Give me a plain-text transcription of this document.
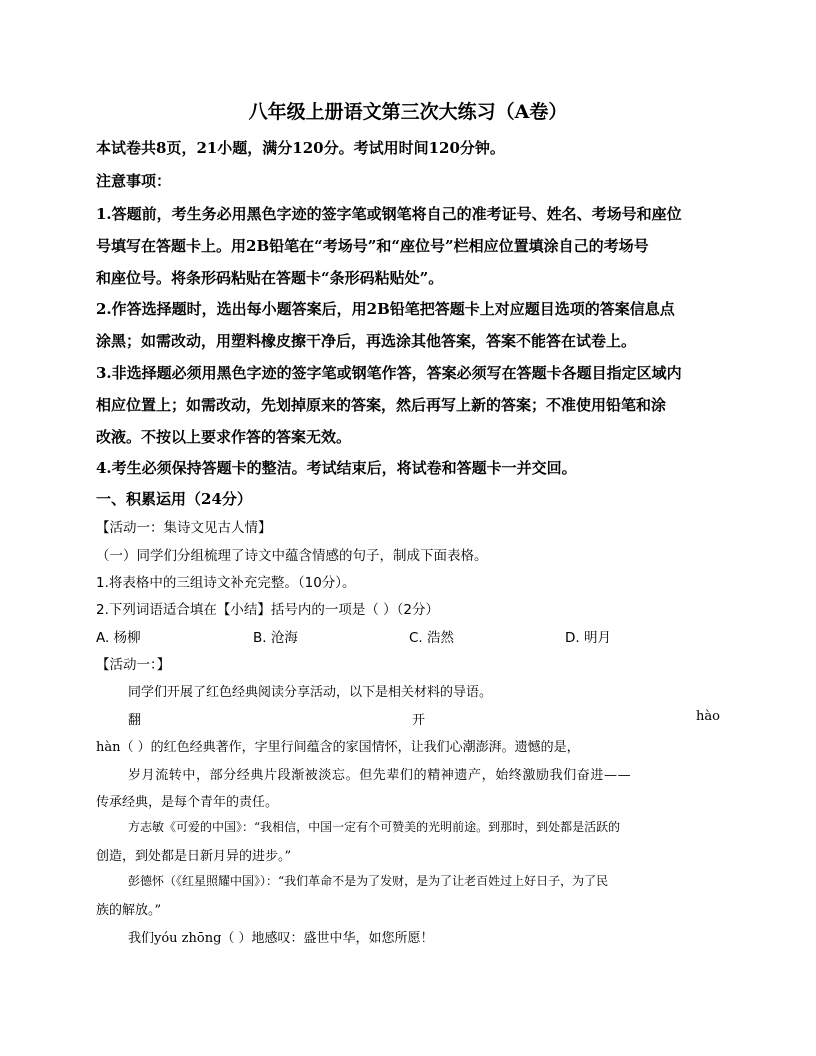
八年级上册语文第三次大练习（A卷）
本试卷共8页，21小题，满分120分。考试用时间120分钟。
注意事项：
1.答题前，考生务必用黑色字迹的签字笔或钢笔将自己的准考证号、姓名、考场号和座位
号填写在答题卡上。用2B铅笔在“考场号”和“座位号”栏相应位置填涂自己的考场号
和座位号。将条形码粘贴在答题卡“条形码粘贴处”。
2.作答选择题时，选出每小题答案后，用2B铅笔把答题卡上对应题目选项的答案信息点
涂黑；如需改动，用塑料橡皮擦干净后，再选涂其他答案，答案不能答在试卷上。
3.非选择题必须用黑色字迹的签字笔或钢笔作答，答案必须写在答题卡各题目指定区域内
相应位置上；如需改动，先划掉原来的答案，然后再写上新的答案；不准使用铅笔和涂
改液。不按以上要求作答的答案无效。
4.考生必须保持答题卡的整洁。考试结束后，将试卷和答题卡一并交回。
一、积累运用（24分）
【活动一：集诗文见古人情】
（一）同学们分组梳理了诗文中蕴含情感的句子，制成下面表格。
1.将表格中的三组诗文补充完整。（10分）。
2.下列词语适合填在【小结】括号内的一项是（ ）（2分）
A. 杨柳	B. 沧海	C. 浩然	D. 明月
【活动一：】
同学们开展了红色经典阅读分享活动，以下是相关材料的导语。
翻	开	hào
hàn（ ）的红色经典著作，字里行间蕴含的家国情怀，让我们心潮澎湃。遗憾的是，
岁月流转中，部分经典片段渐被淡忘。但先辈们的精神遗产，始终激励我们奋进——
传承经典，是每个青年的责任。
方志敏《可爱的中国》：“我相信，中国一定有个可赞美的光明前途。到那时，到处都是活跃的
创造，到处都是日新月异的进步。”
彭德怀（《红星照耀中国》）：“我们革命不是为了发财，是为了让老百姓过上好日子，为了民
族的解放。”
我们yóu zhōng（ ）地感叹：盛世中华，如您所愿！
